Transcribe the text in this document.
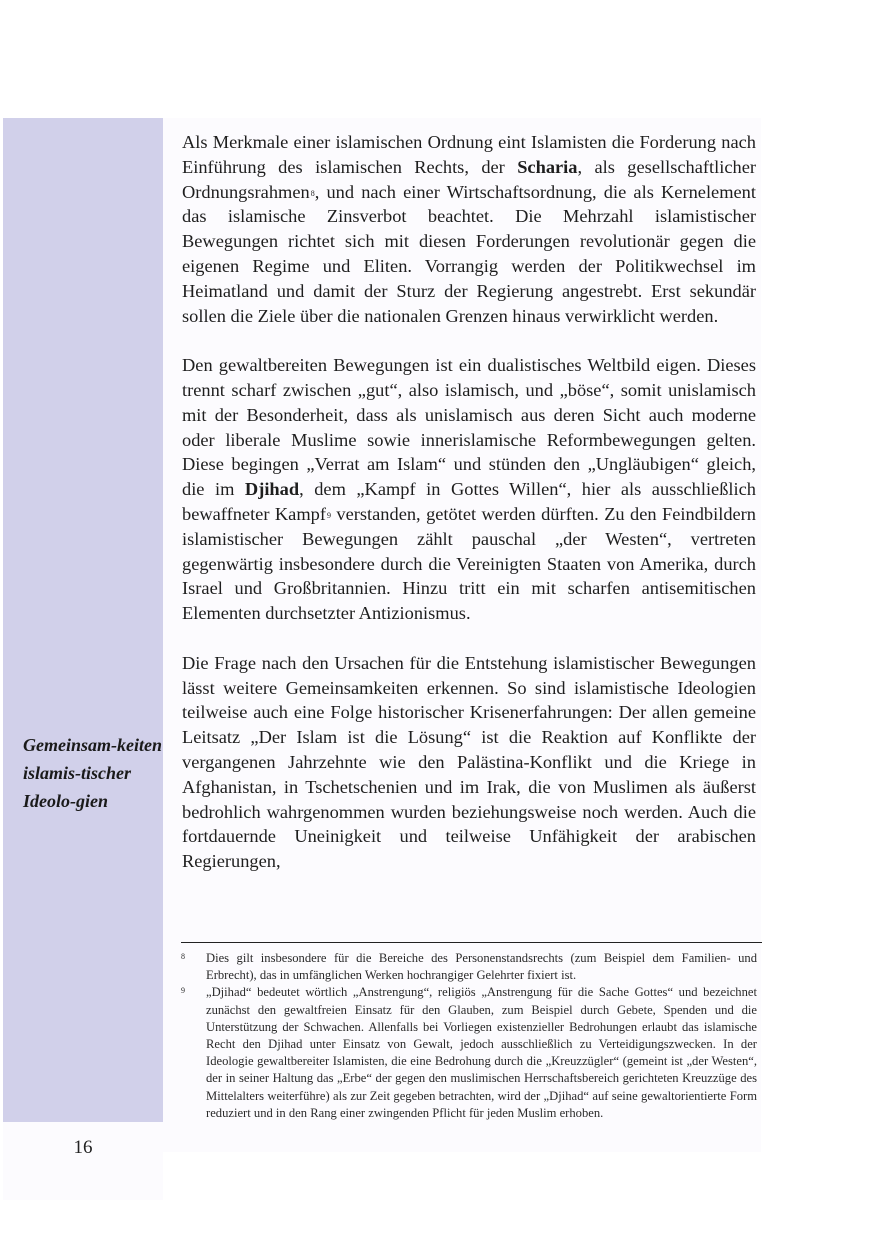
Gemeinsam-keiten islamis-tischer Ideolo-gien
16

Als Merkmale einer islamischen Ordnung eint Islamisten die Forderung nach Einführung des islamischen Rechts, der Scharia, als gesellschaftlicher Ordnungsrahmen$^8$, und nach einer Wirtschaftsordnung, die als Kernelement das islamische Zinsverbot beachtet. Die Mehrzahl islamistischer Bewegungen richtet sich mit diesen Forderungen revolutionär gegen die eigenen Regime und Eliten. Vorrangig werden der Politikwechsel im Heimatland und damit der Sturz der Regierung angestrebt. Erst sekundär sollen die Ziele über die nationalen Grenzen hinaus verwirklicht werden.

Den gewaltbereiten Bewegungen ist ein dualistisches Weltbild eigen. Dieses trennt scharf zwischen „gut“, also islamisch, und „böse“, somit unislamisch mit der Besonderheit, dass als unislamisch aus deren Sicht auch moderne oder liberale Muslime sowie innerislamische Reformbewegungen gelten. Diese begingen „Verrat am Islam“ und stünden den „Ungläubigen“ gleich, die im Djihad, dem „Kampf in Gottes Willen“, hier als ausschließlich bewaffneter Kampf$^9$ verstanden, getötet werden dürften. Zu den Feindbildern islamistischer Bewegungen zählt pauschal „der Westen“, vertreten gegenwärtig insbesondere durch die Vereinigten Staaten von Amerika, durch Israel und Großbritannien. Hinzu tritt ein mit scharfen antisemitischen Elementen durchsetzter Antizionismus.

Die Frage nach den Ursachen für die Entstehung islamistischer Bewegungen lässt weitere Gemeinsamkeiten erkennen. So sind islamistische Ideologien teilweise auch eine Folge historischer Krisenerfahrungen: Der allen gemeine Leitsatz „Der Islam ist die Lösung“ ist die Reaktion auf Konflikte der vergangenen Jahrzehnte wie den Palästina-Konflikt und die Kriege in Afghanistan, in Tschetschenien und im Irak, die von Muslimen als äußerst bedrohlich wahrgenommen wurden beziehungsweise noch werden. Auch die fortdauernde Uneinigkeit und teilweise Unfähigkeit der arabischen Regierungen,

8 Dies gilt insbesondere für die Bereiche des Personenstandsrechts (zum Beispiel dem Familien- und Erbrecht), das in umfänglichen Werken hochrangiger Gelehrter fixiert ist.
9 „Djihad“ bedeutet wörtlich „Anstrengung“, religiös „Anstrengung für die Sache Gottes“ und bezeichnet zunächst den gewaltfreien Einsatz für den Glauben, zum Beispiel durch Gebete, Spenden und die Unterstützung der Schwachen. Allenfalls bei Vorliegen existenzieller Bedrohungen erlaubt das islamische Recht den Djihad unter Einsatz von Gewalt, jedoch ausschließlich zu Verteidigungszwecken. In der Ideologie gewaltbereiter Islamisten, die eine Bedrohung durch die „Kreuzzügler“ (gemeint ist „der Westen“, der in seiner Haltung das „Erbe“ der gegen den muslimischen Herrschaftsbereich gerichteten Kreuzzüge des Mittelalters weiterführe) als zur Zeit gegeben betrachten, wird der „Djihad“ auf seine gewaltorientierte Form reduziert und in den Rang einer zwingenden Pflicht für jeden Muslim erhoben.
